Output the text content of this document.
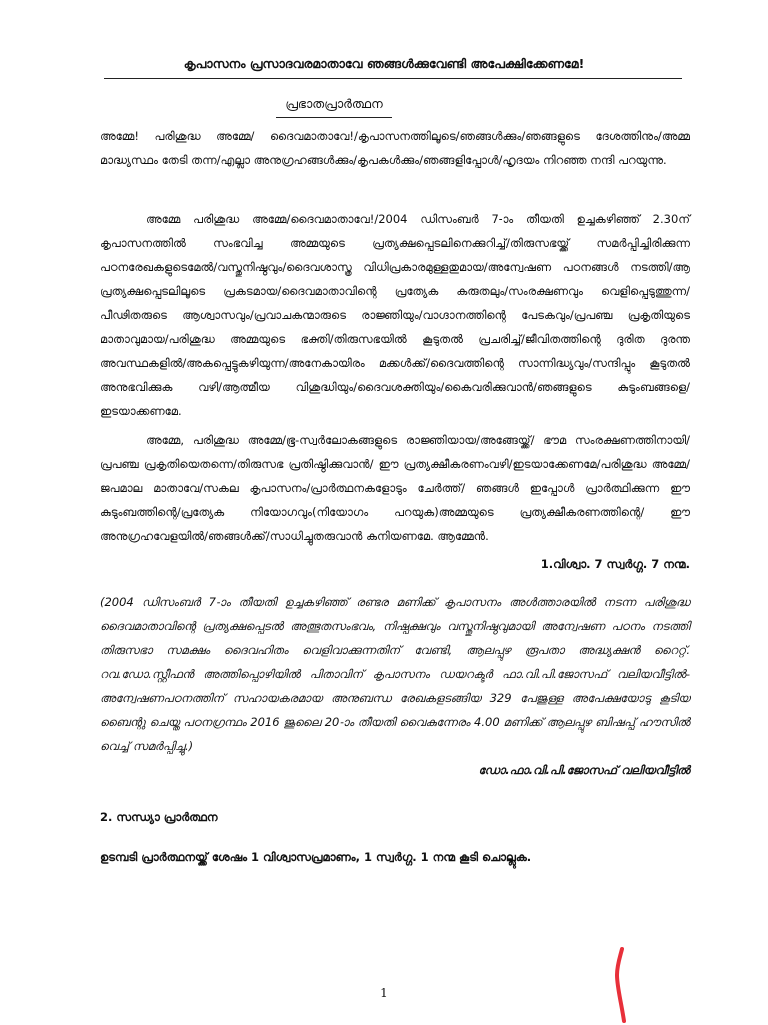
കൃപാസനം പ്രസാദവരമാതാവേ ഞങ്ങൾക്കുവേണ്ടി അപേക്ഷിക്കേണമേ!
പ്രഭാതപ്രാർത്ഥന

അമ്മേ! പരിശുദ്ധ അമ്മേ/ ദൈവമാതാവേ!/കൃപാസനത്തിലൂടെ/ഞങ്ങൾക്കും/ഞങ്ങളുടെ ദേശത്തിനും/അമ്മ മാദ്ധ്യസ്ഥം തേടി തന്ന/എല്ലാ അനുഗ്രഹങ്ങൾക്കും/കൃപകൾക്കും/ഞങ്ങളിപ്പോൾ/ഹൃദയം നിറഞ്ഞ നന്ദി പറയുന്നു.

അമ്മേ പരിശുദ്ധ അമ്മേ/ദൈവമാതാവേ!/2004 ഡിസംബർ 7-ാം തീയതി ഉച്ചകഴിഞ്ഞ് 2.30ന് കൃപാസനത്തിൽ സംഭവിച്ച അമ്മയുടെ പ്രത്യക്ഷപ്പെടലിനെക്കുറിച്ച്/തിരുസഭയ്ക്ക് സമർപ്പിച്ചിരിക്കുന്ന പഠനരേഖകളുടെമേൽ/വസ്തുനിഷ്ഠവും/ദൈവശാസ്ത്ര വിധിപ്രകാരമുള്ളതുമായ/അന്വേഷണ പഠനങ്ങൾ നടത്തി/ആ പ്രത്യക്ഷപ്പെടലിലൂടെ പ്രകടമായ/ദൈവമാതാവിന്റെ പ്രത്യേക കരുതലും/സംരക്ഷണവും വെളിപ്പെടുത്തുന്ന/പീഢിതരുടെ ആശ്വാസവും/പ്രവാചകന്മാരുടെ രാജ്ഞിയും/വാഗ്ദാനത്തിന്റെ പേടകവും/പ്രപഞ്ച പ്രകൃതിയുടെ മാതാവുമായ/പരിശുദ്ധ അമ്മയുടെ ഭക്തി/തിരുസഭയിൽ കൂടുതൽ പ്രചരിച്ച്/ജീവിതത്തിന്റെ ദുരിത ദുരന്ത അവസ്ഥകളിൽ/അകപ്പെട്ടുകഴിയുന്ന/അനേകായിരം മക്കൾക്ക്/ദൈവത്തിന്റെ സാന്നിദ്ധ്യവും/സന്ദിപ്പും കൂടുതൽ അനുഭവിക്കുക വഴി/ആത്മീയ വിശുദ്ധിയും/ദൈവശക്തിയും/കൈവരിക്കുവാൻ/ഞങ്ങളുടെ കുടുംബങ്ങളെ/ഇടയാക്കണമേ.

അമ്മേ, പരിശുദ്ധ അമ്മേ/ഭൂ-സ്വർലോകങ്ങളുടെ രാജ്ഞിയായ/അങ്ങേയ്ക്ക്/ ഭൗമ സംരക്ഷണത്തിനായി/പ്രപഞ്ച പ്രകൃതിയെതന്നെ/തിരുസഭ പ്രതിഷ്ഠിക്കുവാൻ/ ഈ പ്രത്യക്ഷീകരണംവഴി/ഇടയാക്കേണമേ/പരിശുദ്ധ അമ്മേ/ജപമാല മാതാവേ/സകല കൃപാസനം/പ്രാർത്ഥനകളോടും ചേർത്ത്/ ഞങ്ങൾ ഇപ്പോൾ പ്രാർത്ഥിക്കുന്ന ഈ കുടുംബത്തിന്റെ/പ്രത്യേക നിയോഗവും(നിയോഗം പറയുക)അമ്മയുടെ പ്രത്യക്ഷീകരണത്തിന്റെ/ ഈ അനുഗ്രഹവേളയിൽ/ഞങ്ങൾക്ക്/സാധിച്ചുതരുവാൻ കനിയണമേ. ആമ്മേൻ.

1.വിശ്വാ. 7 സ്വർഗ്ഗ. 7 നന്മ.

(2004 ഡിസംബർ 7-ാം തീയതി ഉച്ചകഴിഞ്ഞ് രണ്ടര മണിക്ക് കൃപാസനം അൾത്താരയിൽ നടന്ന പരിശുദ്ധ ദൈവമാതാവിന്റെ പ്രത്യക്ഷപ്പെടൽ അത്ഭുതസംഭവം, നിഷ്പക്ഷവും വസ്തുനിഷ്ഠവുമായി അന്വേഷണ പഠനം നടത്തി തിരുസഭാ സമക്ഷം ദൈവഹിതം വെളിവാക്കുന്നതിന് വേണ്ടി, ആലപ്പുഴ രൂപതാ അദ്ധ്യക്ഷൻ റൈറ്റ്. റവ.ഡോ.സ്റ്റീഫൻ അത്തിപ്പൊഴിയിൽ പിതാവിന് കൃപാസനം ഡയറക്ടർ ഫാ.വി.പി.ജോസഫ് വലിയവീട്ടിൽ-അന്വേഷണപഠനത്തിന് സഹായകരമായ അനുബന്ധ രേഖകളടങ്ങിയ 329 പേജുള്ള അപേക്ഷയോടു കൂടിയ ബൈന്റു ചെയ്ത പഠനഗ്രന്ഥം 2016 ജൂലൈ 20-ാം തീയതി വൈകുന്നേരം 4.00 മണിക്ക് ആലപ്പുഴ ബിഷപ്പ് ഹൗസിൽ വെച്ച് സമർപ്പിച്ചു.)

ഡോ.ഫാ.വി.പി.ജോസഫ് വലിയവീട്ടിൽ

2. സന്ധ്യാ പ്രാർത്ഥന

ഉടമ്പടി പ്രാർത്ഥനയ്ക്ക് ശേഷം 1 വിശ്വാസപ്രമാണം, 1 സ്വർഗ്ഗ. 1 നന്മ കൂടി ചൊല്ലുക.

1
